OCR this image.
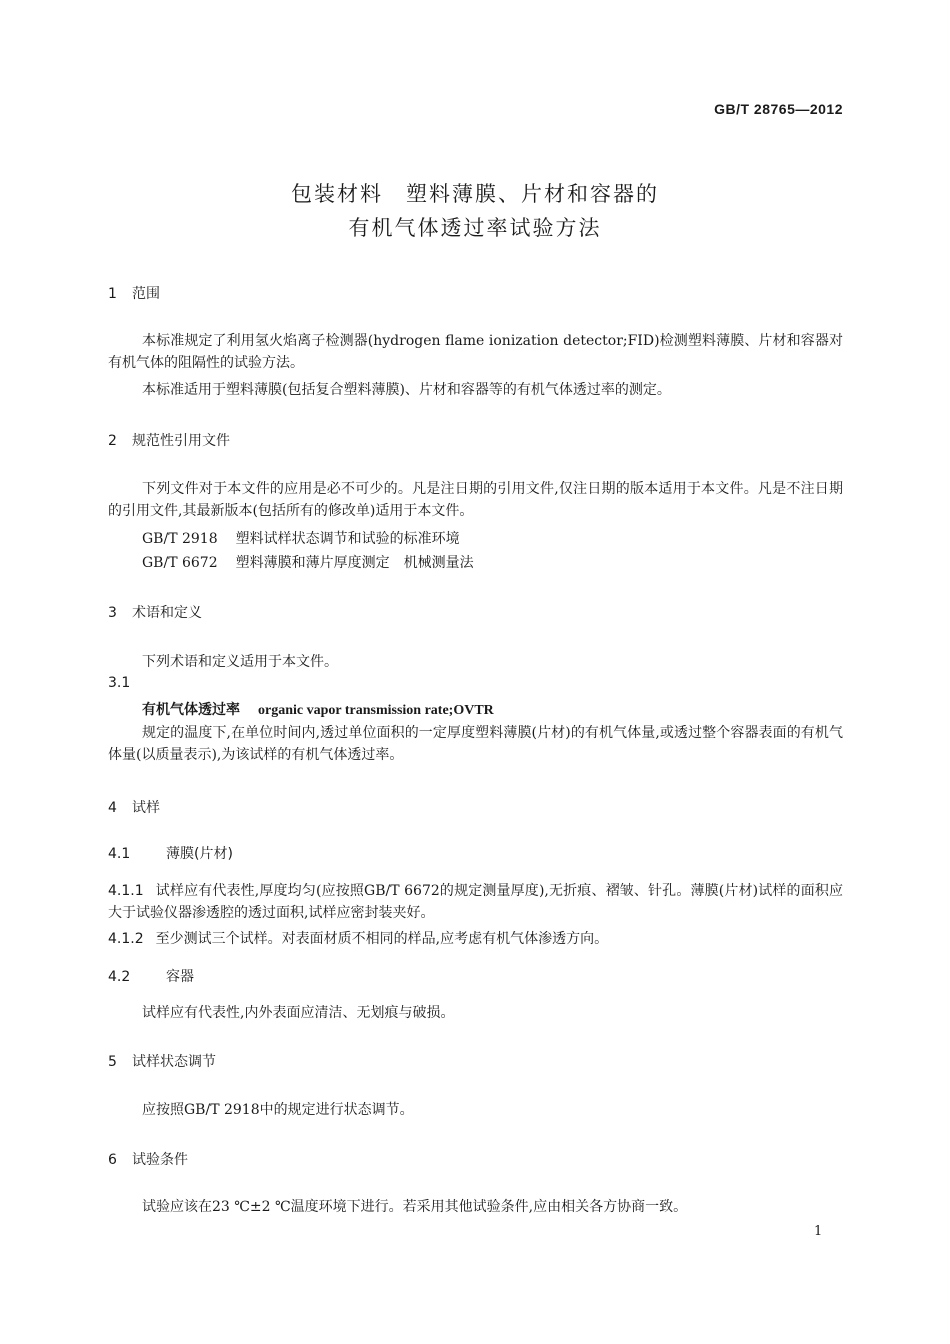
GB/T 28765—2012
包装材料　塑料薄膜、片材和容器的
有机气体透过率试验方法
1 范围
本标准规定了利用氢火焰离子检测器(hydrogen flame ionization detector;FID)检测塑料薄膜、片材和容器对有机气体的阻隔性的试验方法。
本标准适用于塑料薄膜(包括复合塑料薄膜)、片材和容器等的有机气体透过率的测定。
2 规范性引用文件
下列文件对于本文件的应用是必不可少的。凡是注日期的引用文件,仅注日期的版本适用于本文件。凡是不注日期的引用文件,其最新版本(包括所有的修改单)适用于本文件。
GB/T 2918 塑料试样状态调节和试验的标准环境
GB/T 6672 塑料薄膜和薄片厚度测定　机械测量法
3 术语和定义
下列术语和定义适用于本文件。
3.1
有机气体透过率 organic vapor transmission rate;OVTR
规定的温度下,在单位时间内,透过单位面积的一定厚度塑料薄膜(片材)的有机气体量,或透过整个容器表面的有机气体量(以质量表示),为该试样的有机气体透过率。
4 试样
4.1	薄膜(片材)
4.1.1 试样应有代表性,厚度均匀(应按照GB/T 6672的规定测量厚度),无折痕、褶皱、针孔。薄膜(片材)试样的面积应大于试验仪器渗透腔的透过面积,试样应密封装夹好。
4.1.2 至少测试三个试样。对表面材质不相同的样品,应考虑有机气体渗透方向。
4.2	容器
试样应有代表性,内外表面应清洁、无划痕与破损。
5 试样状态调节
应按照GB/T 2918中的规定进行状态调节。
6 试验条件
试验应该在23 ℃±2 ℃温度环境下进行。若采用其他试验条件,应由相关各方协商一致。
1
